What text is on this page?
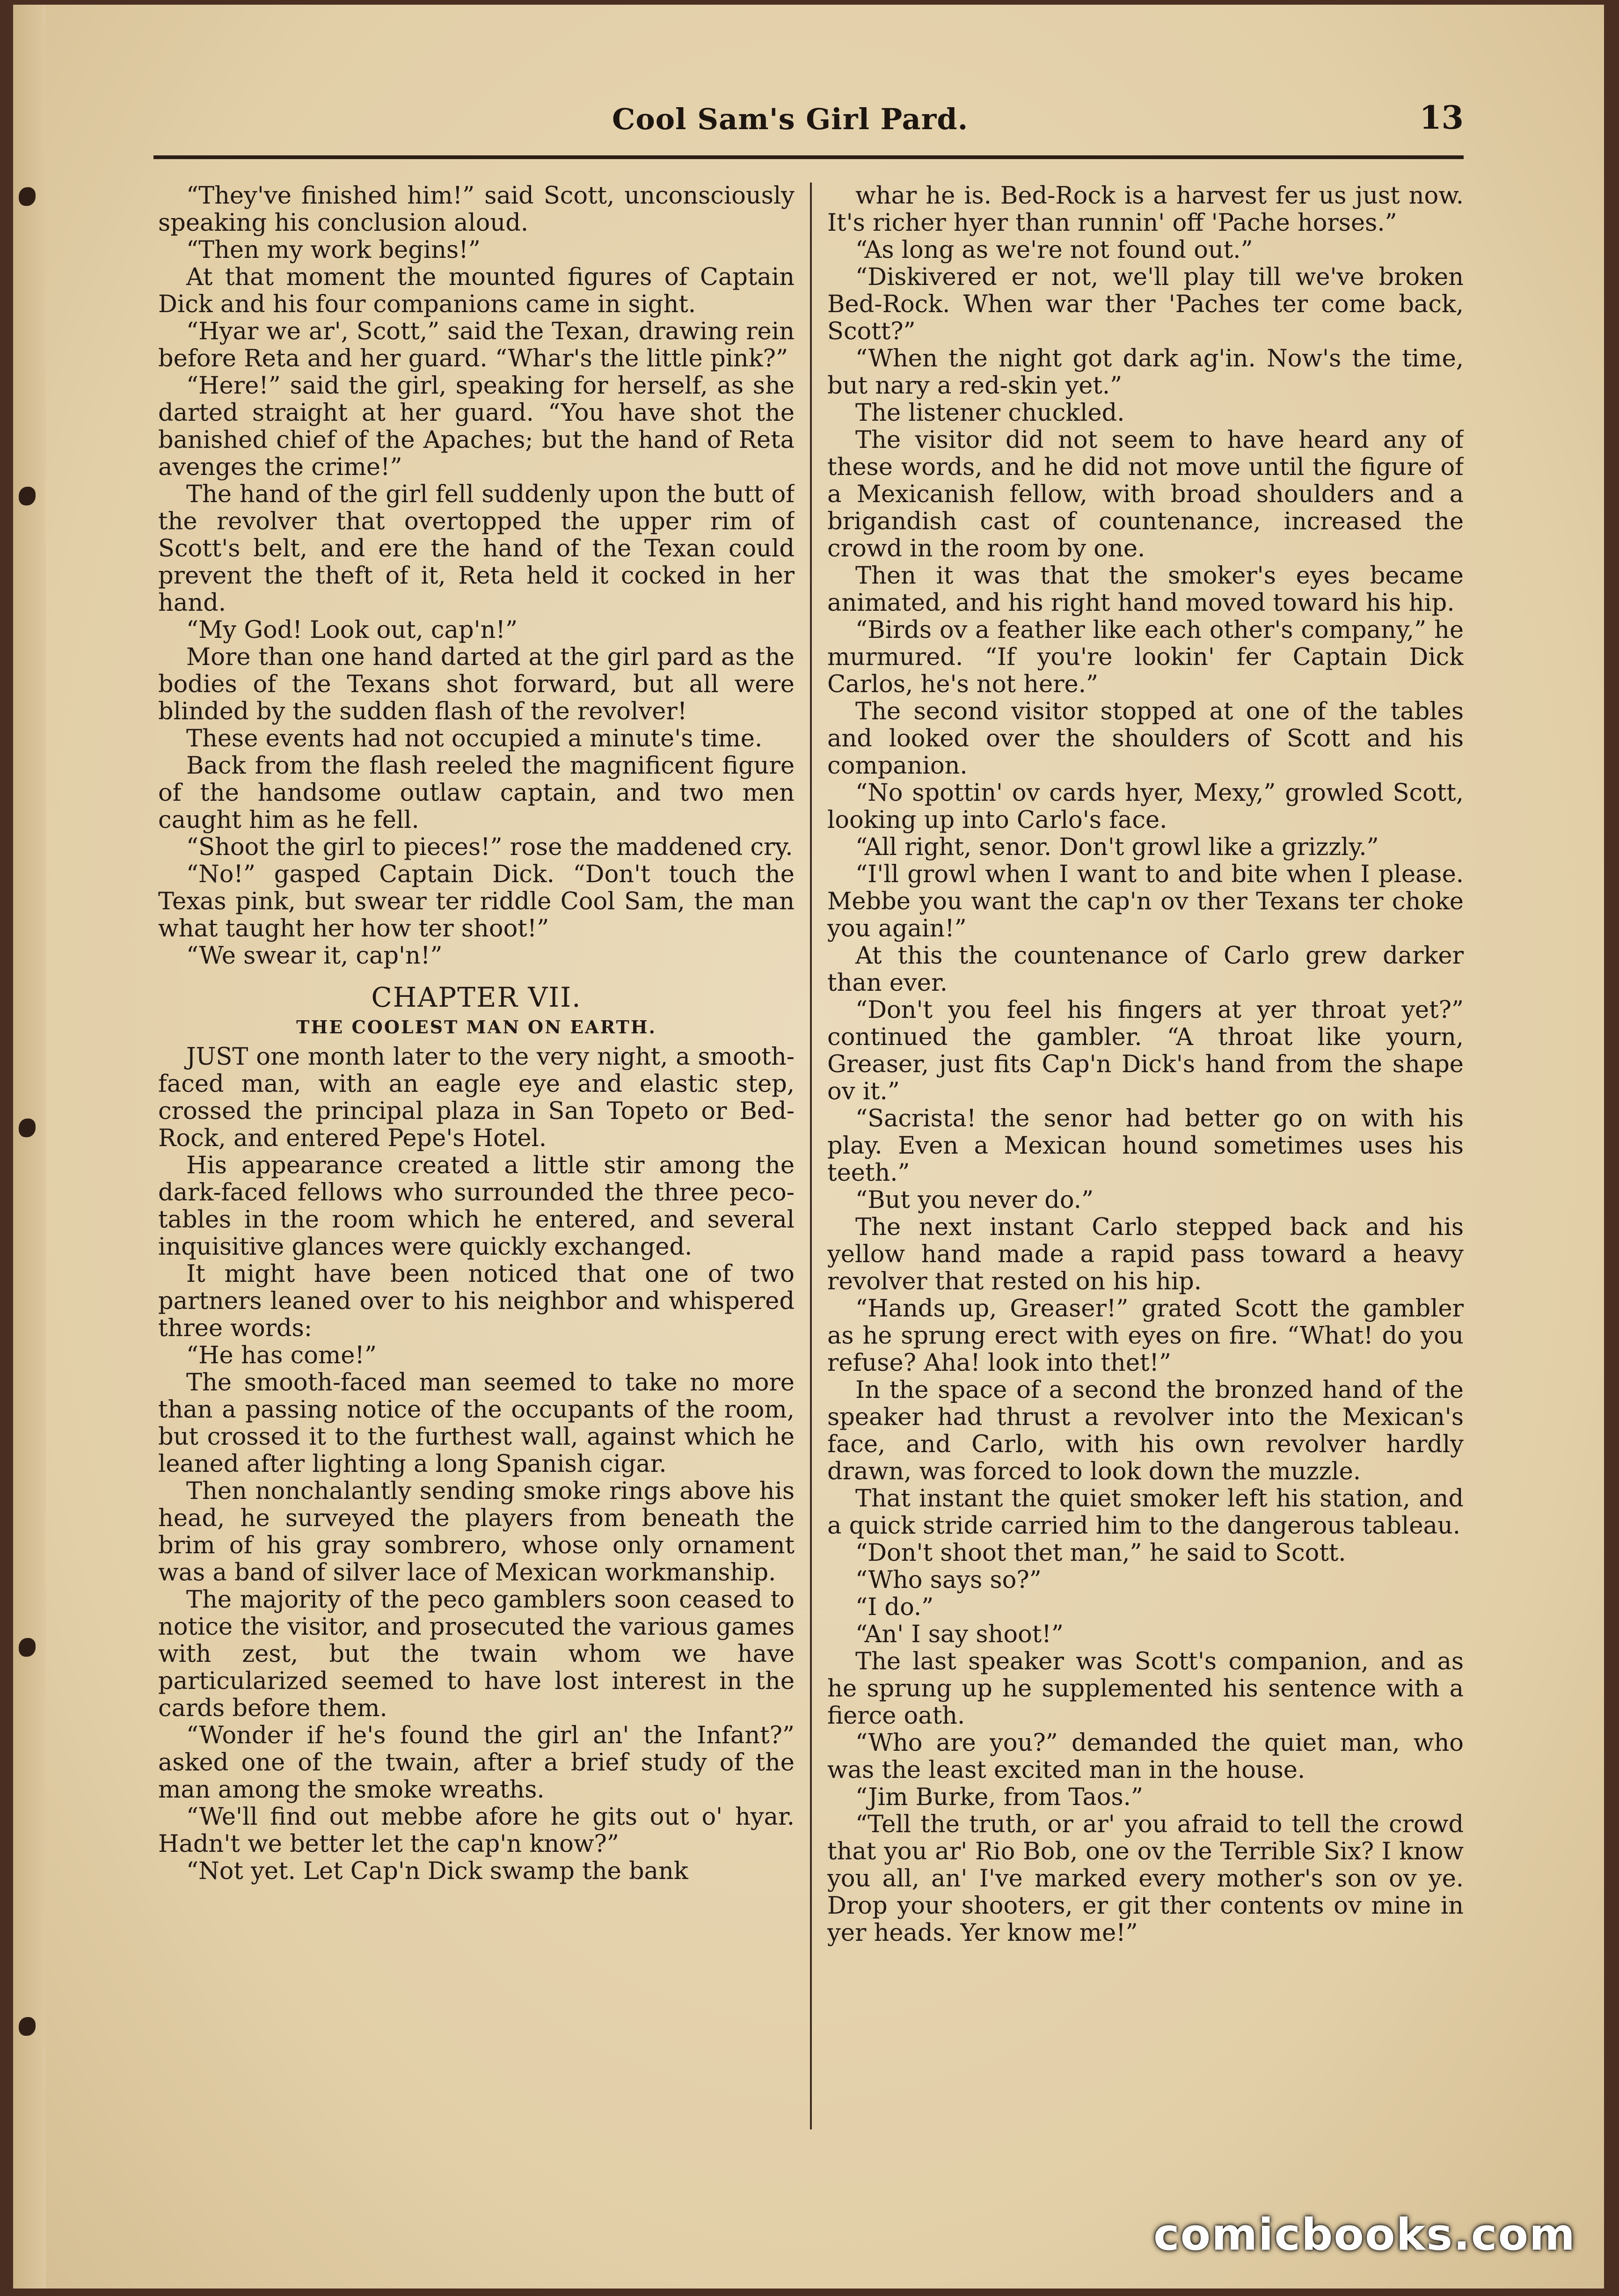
Cool Sam's Girl Pard.	13

“They've finished him!” said Scott, unconsciously speaking his conclusion aloud.

“Then my work begins!”

At that moment the mounted figures of Captain Dick and his four companions came in sight.

“Hyar we ar', Scott,” said the Texan, drawing rein before Reta and her guard. “Whar's the little pink?”

“Here!” said the girl, speaking for herself, as she darted straight at her guard. “You have shot the banished chief of the Apaches; but the hand of Reta avenges the crime!”

The hand of the girl fell suddenly upon the butt of the revolver that overtopped the upper rim of Scott's belt, and ere the hand of the Texan could prevent the theft of it, Reta held it cocked in her hand.

“My God! Look out, cap'n!”

More than one hand darted at the girl pard as the bodies of the Texans shot forward, but all were blinded by the sudden flash of the revolver!

These events had not occupied a minute's time.

Back from the flash reeled the magnificent figure of the handsome outlaw captain, and two men caught him as he fell.

“Shoot the girl to pieces!” rose the maddened cry.

“No!” gasped Captain Dick. “Don't touch the Texas pink, but swear ter riddle Cool Sam, the man what taught her how ter shoot!”

“We swear it, cap'n!”

CHAPTER VII.
THE COOLEST MAN ON EARTH.

JUST one month later to the very night, a smooth-faced man, with an eagle eye and elastic step, crossed the principal plaza in San Topeto or Bed-Rock, and entered Pepe's Hotel.

His appearance created a little stir among the dark-faced fellows who surrounded the three peco-tables in the room which he entered, and several inquisitive glances were quickly exchanged.

It might have been noticed that one of two partners leaned over to his neighbor and whispered three words:

“He has come!”

The smooth-faced man seemed to take no more than a passing notice of the occupants of the room, but crossed it to the furthest wall, against which he leaned after lighting a long Spanish cigar.

Then nonchalantly sending smoke rings above his head, he surveyed the players from beneath the brim of his gray sombrero, whose only ornament was a band of silver lace of Mexican workmanship.

The majority of the peco gamblers soon ceased to notice the visitor, and prosecuted the various games with zest, but the twain whom we have particularized seemed to have lost interest in the cards before them.

“Wonder if he's found the girl an' the Infant?” asked one of the twain, after a brief study of the man among the smoke wreaths.

“We'll find out mebbe afore he gits out o' hyar. Hadn't we better let the cap'n know?”

“Not yet. Let Cap'n Dick swamp the bank

whar he is. Bed-Rock is a harvest fer us just now. It's richer hyer than runnin' off 'Pache horses.”

“As long as we're not found out.”

“Diskivered er not, we'll play till we've broken Bed-Rock. When war ther 'Paches ter come back, Scott?”

“When the night got dark ag'in. Now's the time, but nary a red-skin yet.”

The listener chuckled.

The visitor did not seem to have heard any of these words, and he did not move until the figure of a Mexicanish fellow, with broad shoulders and a brigandish cast of countenance, increased the crowd in the room by one.

Then it was that the smoker's eyes became animated, and his right hand moved toward his hip.

“Birds ov a feather like each other's company,” he murmured. “If you're lookin' fer Captain Dick Carlos, he's not here.”

The second visitor stopped at one of the tables and looked over the shoulders of Scott and his companion.

“No spottin' ov cards hyer, Mexy,” growled Scott, looking up into Carlo's face.

“All right, senor. Don't growl like a grizzly.”

“I'll growl when I want to and bite when I please. Mebbe you want the cap'n ov ther Texans ter choke you again!”

At this the countenance of Carlo grew darker than ever.

“Don't you feel his fingers at yer throat yet?” continued the gambler. “A throat like yourn, Greaser, just fits Cap'n Dick's hand from the shape ov it.”

“Sacrista! the senor had better go on with his play. Even a Mexican hound sometimes uses his teeth.”

“But you never do.”

The next instant Carlo stepped back and his yellow hand made a rapid pass toward a heavy revolver that rested on his hip.

“Hands up, Greaser!” grated Scott the gambler as he sprung erect with eyes on fire. “What! do you refuse? Aha! look into thet!”

In the space of a second the bronzed hand of the speaker had thrust a revolver into the Mexican's face, and Carlo, with his own revolver hardly drawn, was forced to look down the muzzle.

That instant the quiet smoker left his station, and a quick stride carried him to the dangerous tableau.

“Don't shoot thet man,” he said to Scott.

“Who says so?”

“I do.”

“An' I say shoot!”

The last speaker was Scott's companion, and as he sprung up he supplemented his sentence with a fierce oath.

“Who are you?” demanded the quiet man, who was the least excited man in the house.

“Jim Burke, from Taos.”

“Tell the truth, or ar' you afraid to tell the crowd that you ar' Rio Bob, one ov the Terrible Six? I know you all, an' I've marked every mother's son ov ye. Drop your shooters, er git ther contents ov mine in yer heads. Yer know me!”

comicbooks.com
